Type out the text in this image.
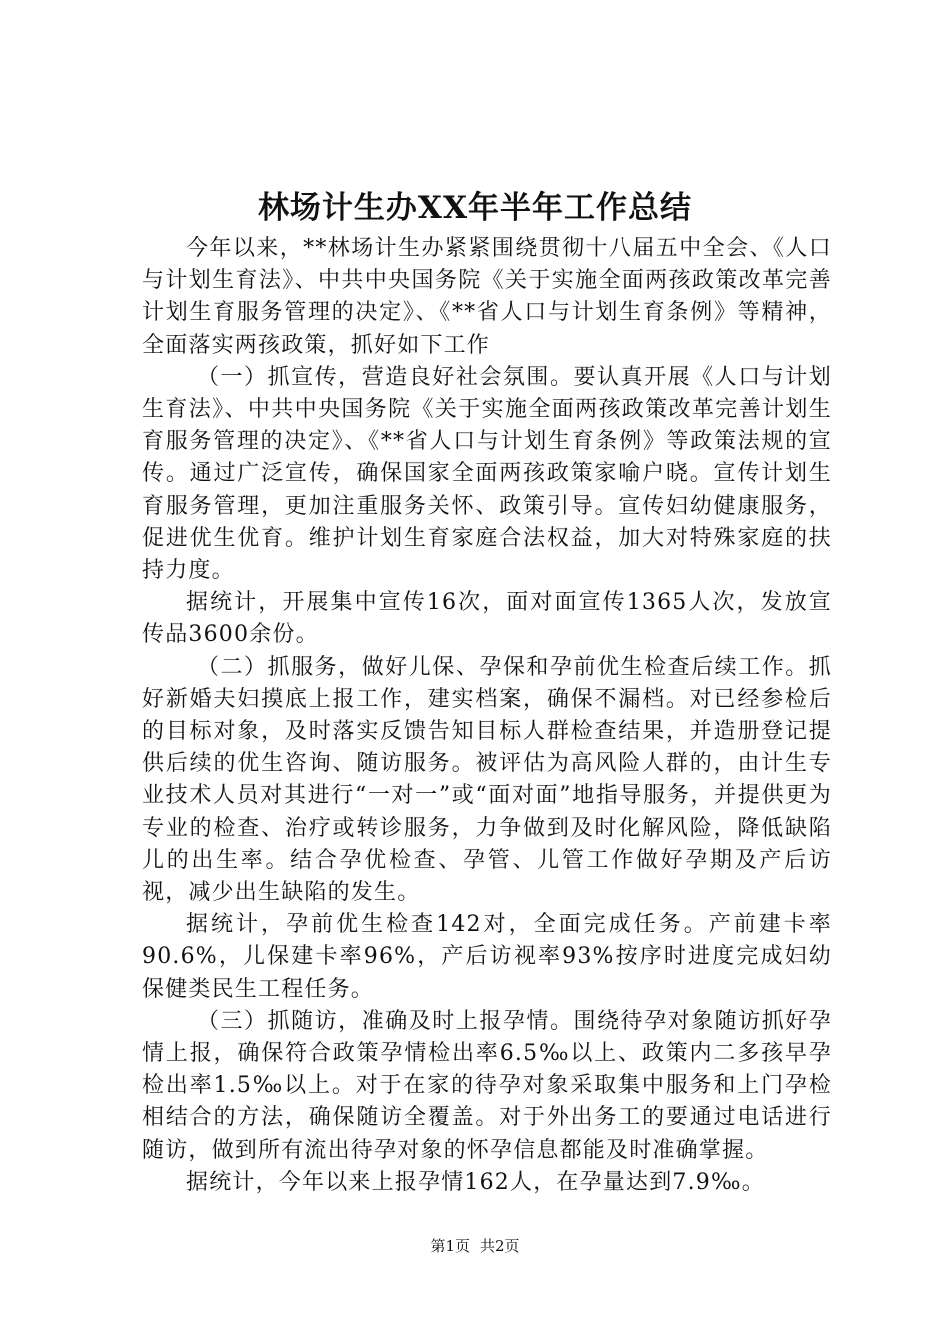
林场计生办XX年半年工作总结

今年以来，**林场计生办紧紧围绕贯彻十八届五中全会、《人口与计划生育法》、中共中央国务院《关于实施全面两孩政策改革完善计划生育服务管理的决定》、《**省人口与计划生育条例》等精神，全面落实两孩政策，抓好如下工作

（一）抓宣传，营造良好社会氛围。要认真开展《人口与计划生育法》、中共中央国务院《关于实施全面两孩政策改革完善计划生育服务管理的决定》、《**省人口与计划生育条例》等政策法规的宣传。通过广泛宣传，确保国家全面两孩政策家喻户晓。宣传计划生育服务管理，更加注重服务关怀、政策引导。宣传妇幼健康服务，促进优生优育。维护计划生育家庭合法权益，加大对特殊家庭的扶持力度。

据统计，开展集中宣传16次，面对面宣传1365人次，发放宣传品3600余份。

（二）抓服务，做好儿保、孕保和孕前优生检查后续工作。抓好新婚夫妇摸底上报工作，建实档案，确保不漏档。对已经参检后的目标对象，及时落实反馈告知目标人群检查结果，并造册登记提供后续的优生咨询、随访服务。被评估为高风险人群的，由计生专业技术人员对其进行“一对一”或“面对面”地指导服务，并提供更为专业的检查、治疗或转诊服务，力争做到及时化解风险，降低缺陷儿的出生率。结合孕优检查、孕管、儿管工作做好孕期及产后访视，减少出生缺陷的发生。

据统计，孕前优生检查142对，全面完成任务。产前建卡率90.6%，儿保建卡率96%，产后访视率93%按序时进度完成妇幼保健类民生工程任务。

（三）抓随访，准确及时上报孕情。围绕待孕对象随访抓好孕情上报，确保符合政策孕情检出率6.5‰以上、政策内二多孩早孕检出率1.5‰以上。对于在家的待孕对象采取集中服务和上门孕检相结合的方法，确保随访全覆盖。对于外出务工的要通过电话进行随访，做到所有流出待孕对象的怀孕信息都能及时准确掌握。

据统计，今年以来上报孕情162人，在孕量达到7.9‰。

第1页 共2页
